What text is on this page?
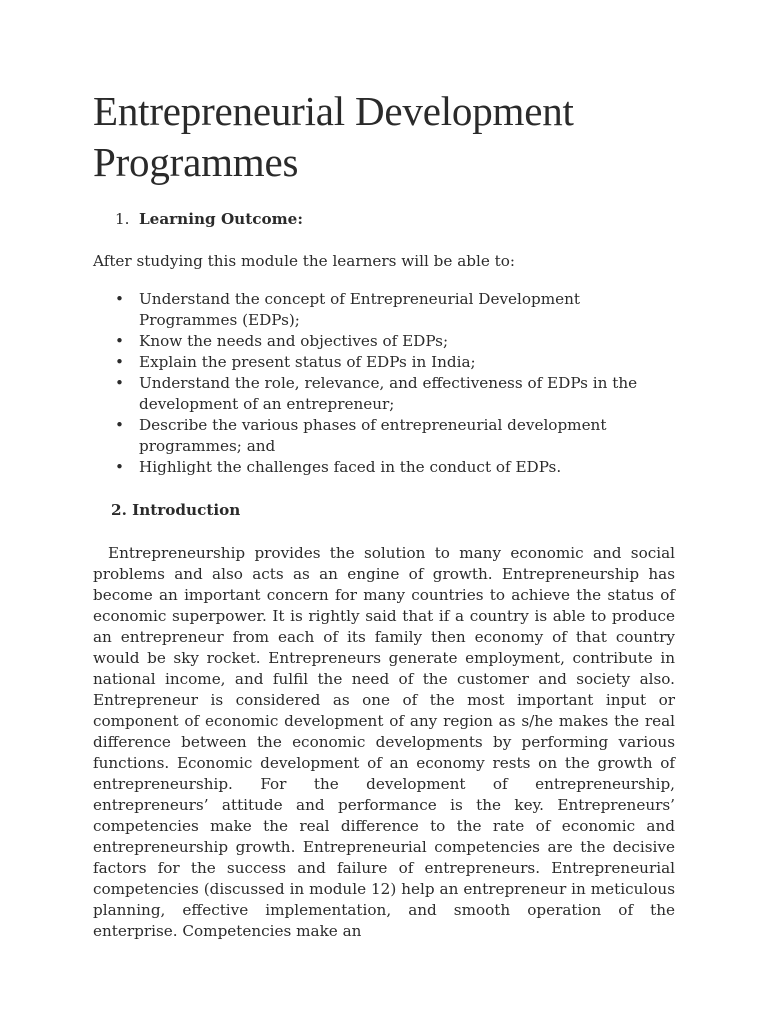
Entrepreneurial Development Programmes
1. Learning Outcome:

After studying this module the learners will be able to:

• Understand the concept of Entrepreneurial Development Programmes (EDPs);
• Know the needs and objectives of EDPs;
• Explain the present status of EDPs in India;
• Understand the role, relevance, and effectiveness of EDPs in the development of an entrepreneur;
• Describe the various phases of entrepreneurial development programmes; and
• Highlight the challenges faced in the conduct of EDPs.
2. Introduction

Entrepreneurship provides the solution to many economic and social problems and also acts as an engine of growth. Entrepreneurship has become an important concern for many countries to achieve the status of economic superpower. It is rightly said that if a country is able to produce an entrepreneur from each of its family then economy of that country would be sky rocket. Entrepreneurs generate employment, contribute in national income, and fulfil the need of the customer and society also. Entrepreneur is considered as one of the most important input or component of economic development of any region as s/he makes the real difference between the economic developments by performing various functions. Economic development of an economy rests on the growth of entrepreneurship. For the development of entrepreneurship, entrepreneurs’ attitude and performance is the key. Entrepreneurs’ competencies make the real difference to the rate of economic and entrepreneurship growth. Entrepreneurial competencies are the decisive factors for the success and failure of entrepreneurs. Entrepreneurial competencies (discussed in module 12) help an entrepreneur in meticulous planning, effective implementation, and smooth operation of the enterprise. Competencies make an
